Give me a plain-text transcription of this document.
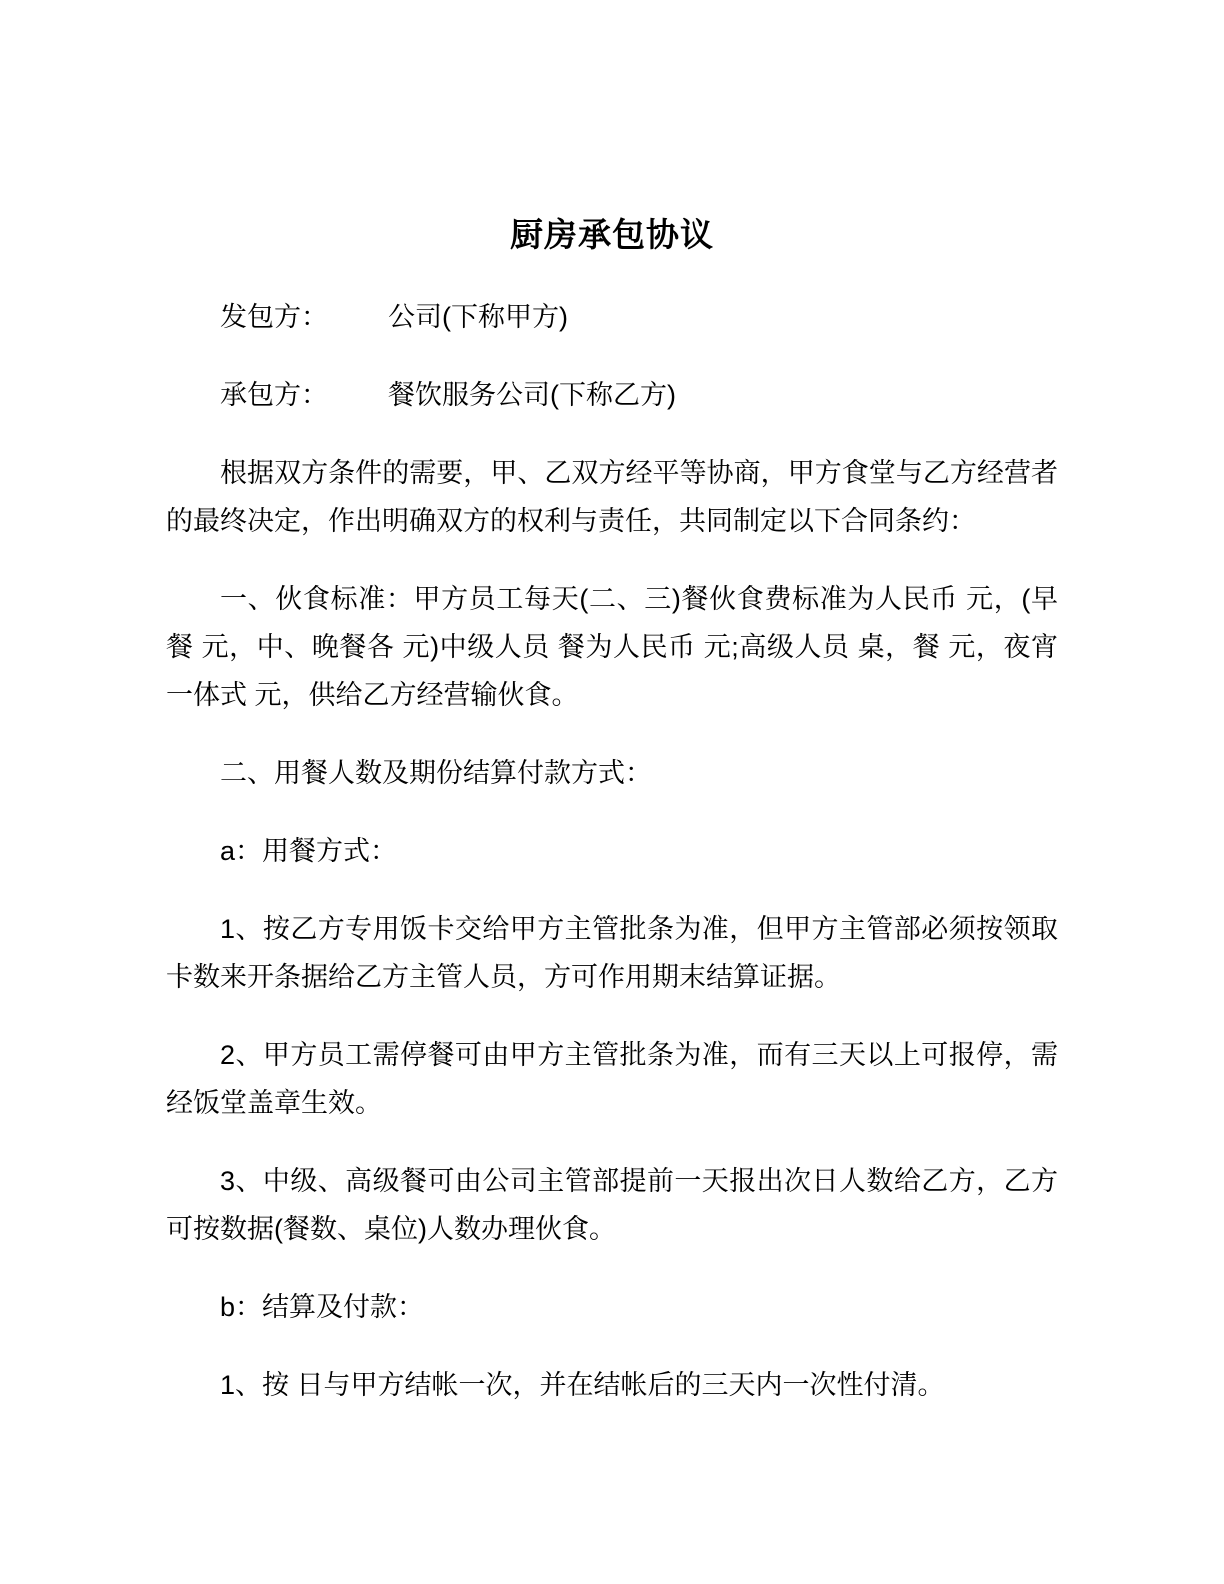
厨房承包协议

发包方： 公司(下称甲方)

承包方： 餐饮服务公司(下称乙方)

根据双方条件的需要，甲、乙双方经平等协商，甲方食堂与乙方经营者的最终决定，作出明确双方的权利与责任，共同制定以下合同条约：

一、伙食标准：甲方员工每天(二、三)餐伙食费标准为人民币 元，(早餐 元，中、晚餐各 元)中级人员 餐为人民币 元;高级人员 桌，餐 元，夜宵一体式 元，供给乙方经营输伙食。

二、用餐人数及期份结算付款方式：

a：用餐方式：

1、按乙方专用饭卡交给甲方主管批条为准，但甲方主管部必须按领取卡数来开条据给乙方主管人员，方可作用期末结算证据。

2、甲方员工需停餐可由甲方主管批条为准，而有三天以上可报停，需经饭堂盖章生效。

3、中级、高级餐可由公司主管部提前一天报出次日人数给乙方，乙方可按数据(餐数、桌位)人数办理伙食。

b：结算及付款：

1、按 日与甲方结帐一次，并在结帐后的三天内一次性付清。
